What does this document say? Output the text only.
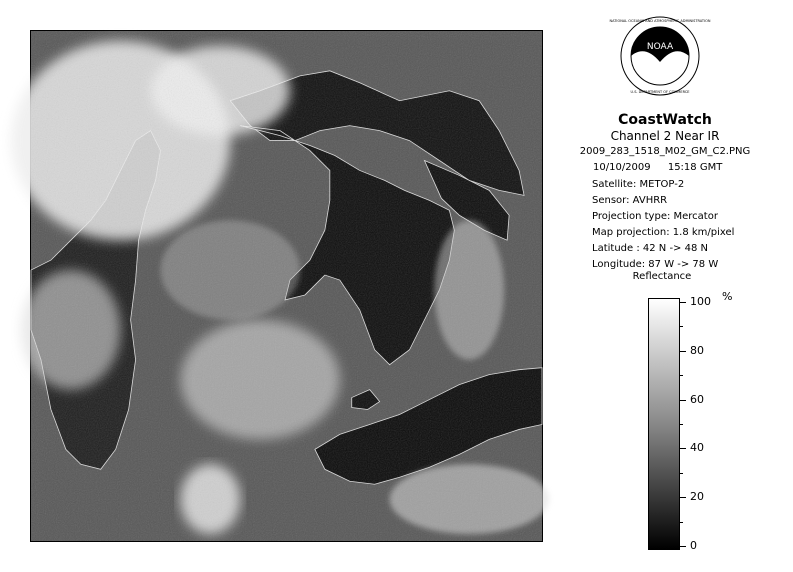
NOAA
NATIONAL OCEANIC AND ATMOSPHERIC ADMINISTRATION
U.S. DEPARTMENT OF COMMERCE
CoastWatch
Channel 2 Near IR
2009_283_1518_M02_GM_C2.PNG
10/10/2009 15:18 GMT
Satellite: METOP-2
Sensor: AVHRR
Projection type: Mercator
Map projection: 1.8 km/pixel
Latitude : 42 N -> 48 N
Longitude: 87 W -> 78 W
Reflectance
%
100
80
60
40
20
0
